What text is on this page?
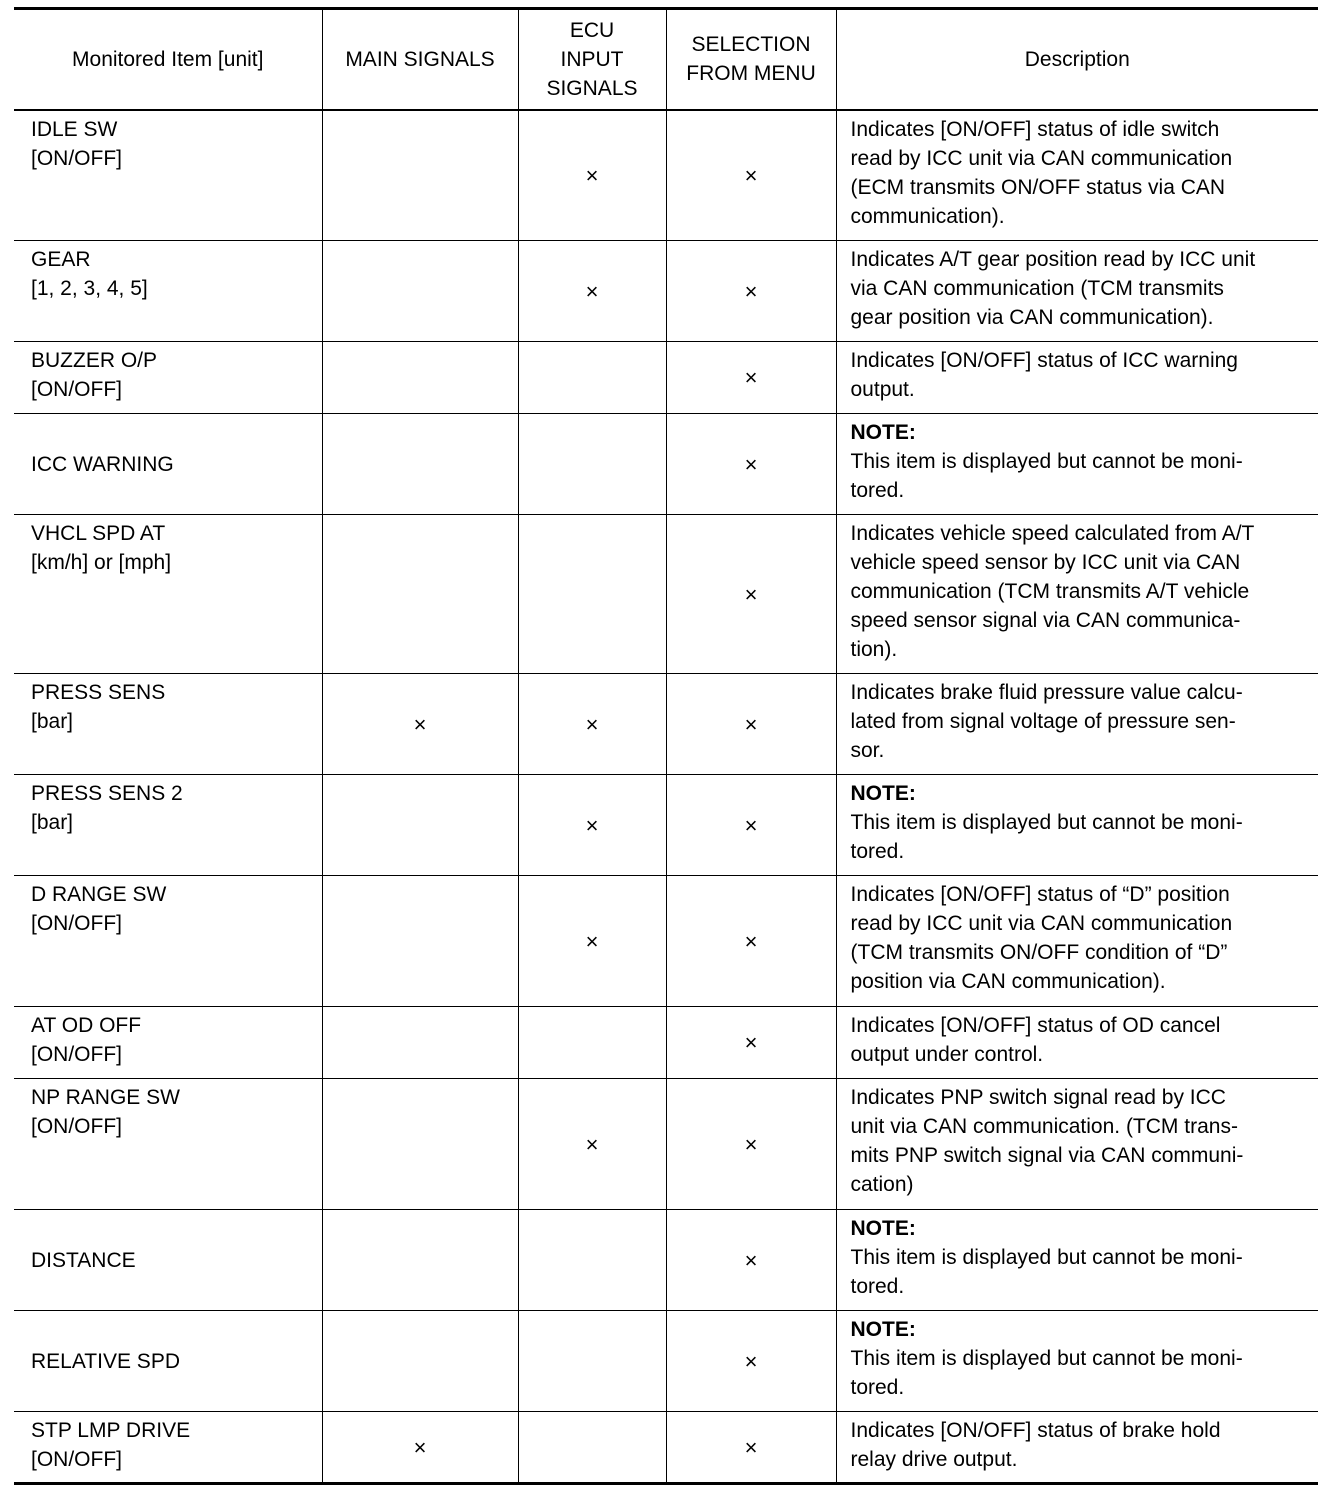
Monitored Item [unit]	MAIN SIGNALS	ECU
INPUT
SIGNALS	SELECTION
FROM MENU	Description

IDLE SW
[ON/OFF]		×	×	Indicates [ON/OFF] status of idle switch
read by ICC unit via CAN communication
(ECM transmits ON/OFF status via CAN
communication).

GEAR
[1, 2, 3, 4, 5]		×	×	Indicates A/T gear position read by ICC unit
via CAN communication (TCM transmits
gear position via CAN communication).

BUZZER O/P
[ON/OFF]			×	Indicates [ON/OFF] status of ICC warning
output.

ICC WARNING			×	NOTE:
This item is displayed but cannot be moni-
tored.

VHCL SPD AT
[km/h] or [mph]			×	Indicates vehicle speed calculated from A/T
vehicle speed sensor by ICC unit via CAN
communication (TCM transmits A/T vehicle
speed sensor signal via CAN communica-
tion).

PRESS SENS
[bar]	×	×	×	Indicates brake fluid pressure value calcu-
lated from signal voltage of pressure sen-
sor.

PRESS SENS 2
[bar]		×	×	NOTE:
This item is displayed but cannot be moni-
tored.

D RANGE SW
[ON/OFF]		×	×	Indicates [ON/OFF] status of “D” position
read by ICC unit via CAN communication
(TCM transmits ON/OFF condition of “D”
position via CAN communication).

AT OD OFF
[ON/OFF]			×	Indicates [ON/OFF] status of OD cancel
output under control.

NP RANGE SW
[ON/OFF]		×	×	Indicates PNP switch signal read by ICC
unit via CAN communication. (TCM trans-
mits PNP switch signal via CAN communi-
cation)

DISTANCE			×	NOTE:
This item is displayed but cannot be moni-
tored.

RELATIVE SPD			×	NOTE:
This item is displayed but cannot be moni-
tored.

STP LMP DRIVE
[ON/OFF]	×		×	Indicates [ON/OFF] status of brake hold
relay drive output.
